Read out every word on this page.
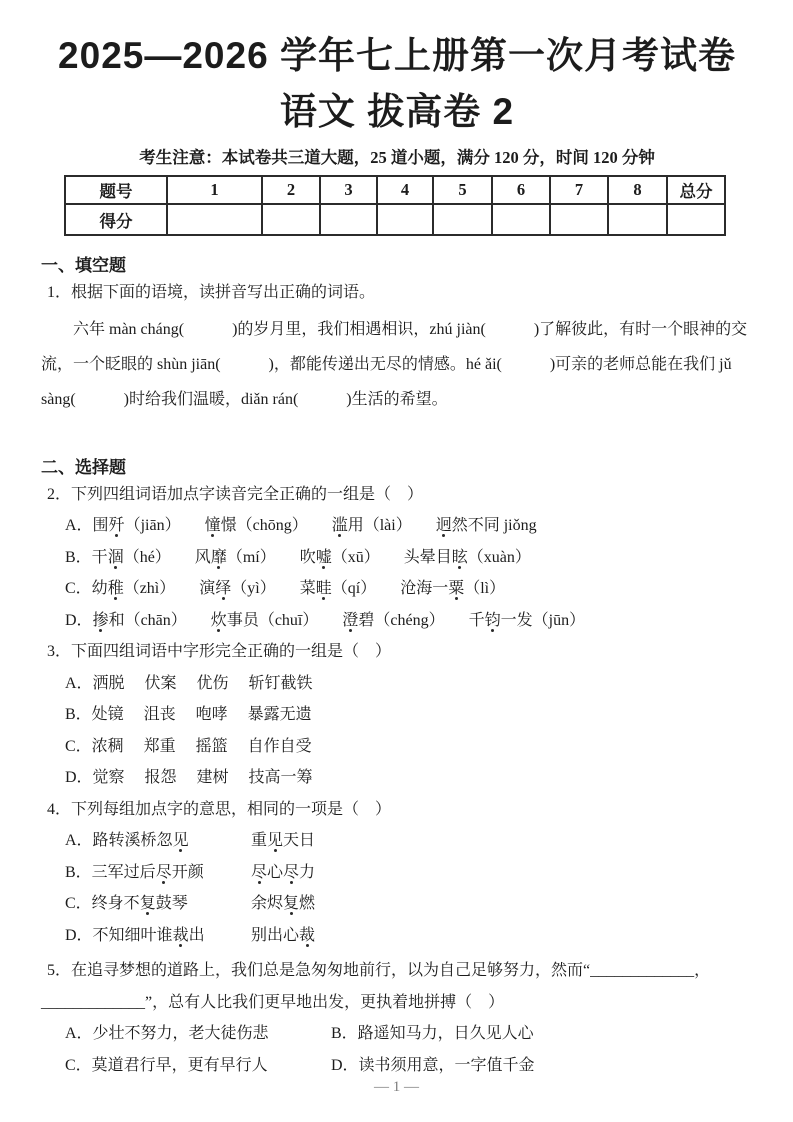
2025—2026 学年七上册第一次月考试卷
语文 拔高卷 2
考生注意：本试卷共三道大题，25 道小题，满分 120 分，时间 120 分钟
题号	1	2	3	4	5	6	7	8	总分
得分									
一、填空题
1．根据下面的语境，读拼音写出正确的词语。
六年 màn cháng(　　　)的岁月里，我们相遇相识，zhú jiàn(　　　)了解彼此，有时一个眼神的交流，一个眨眼的 shùn jiān(　　　)，都能传递出无尽的情感。hé ǎi(　　　)可亲的老师总能在我们 jǔ sàng(　　　)时给我们温暖，diǎn rán(　　　)生活的希望。
二、选择题
2．下列四组词语加点字读音完全正确的一组是（　）
A．围歼（jiān）　　憧憬（chōng）　　滥用（lài）　　迥然不同 jiǒng
B．干涸（hé）　　风靡（mí）　　吹嘘（xū）　　头晕目眩（xuàn）
C．幼稚（zhì）　　演绎（yì）　　菜畦（qí）　　沧海一粟（lì）
D．掺和（chān）　　炊事员（chuī）　　澄碧（chéng）　　千钧一发（jūn）
3．下面四组词语中字形完全正确的一组是（　）
A．洒脱　 伏案　 优伤　 斩钉截铁
B．处镜　 沮丧　 咆哮　 暴露无遗
C．浓稠　 郑重　 摇篮　 自作自受
D．觉察　 报怨　 建树　 技高一筹
4．下列每组加点字的意思，相同的一项是（　）
A．路转溪桥忽见	重见天日
B．三军过后尽开颜	尽心尽力
C．终身不复鼓琴	余烬复燃
D．不知细叶谁裁出	别出心裁
5．在追寻梦想的道路上，我们总是急匆匆地前行，以为自己足够努力，然而“_____________，
_____________”，总有人比我们更早地出发，更执着地拼搏（　）
A．少壮不努力，老大徒伤悲	B．路遥知马力，日久见人心
C．莫道君行早，更有早行人	D．读书须用意，一字值千金
— 1 —
